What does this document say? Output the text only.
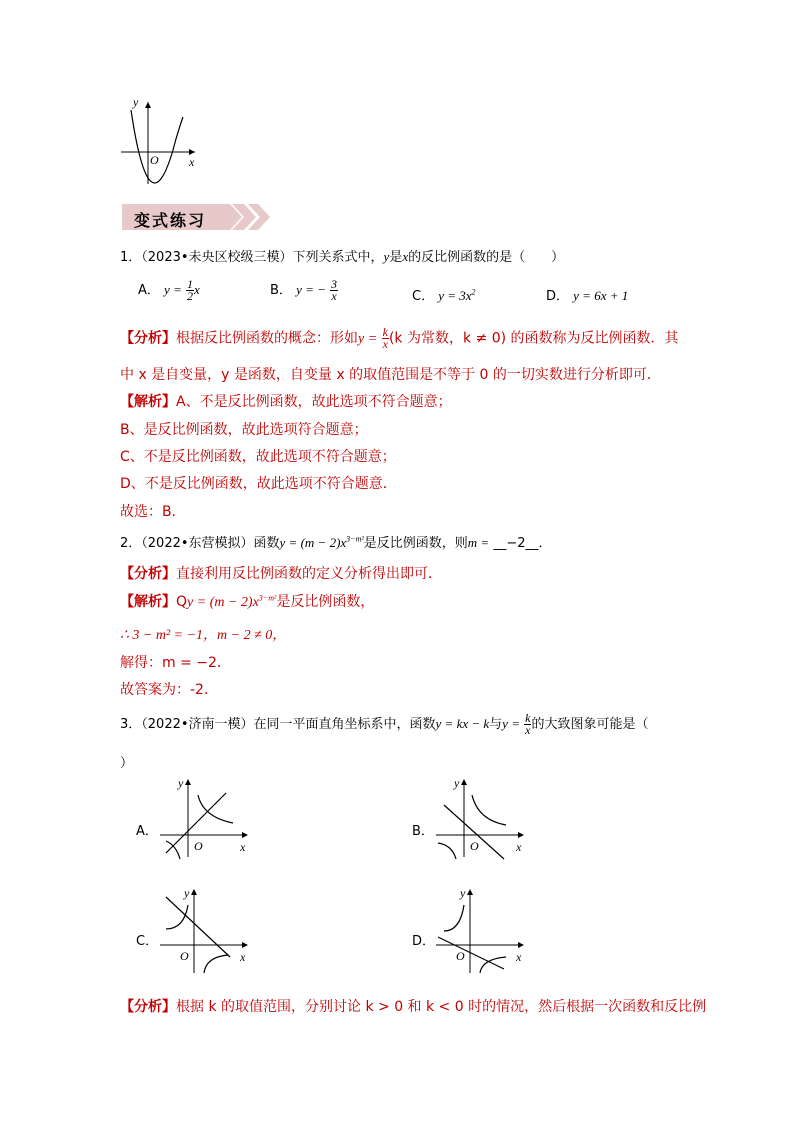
y
x
O
变式练习
1．（2023•未央区校级三模）下列关系式中，y是x的反比例函数的是（　　）
A． $y = \frac{1}{2}$ x	B． y = − $\frac{3}{x}$	C． $y = 3x^2$	D． y = 6x + 1
【分析】根据反比例函数的概念：形如$y = \frac{k}{x} (k$ 为常数，k ≠ 0) 的函数称为反比例函数．其
中 x 是自变量，y 是函数，自变量 x 的取值范围是不等于 0 的一切实数进行分析即可．
【解析】A、不是反比例函数，故此选项不符合题意；
B、是反比例函数，故此选项符合题意；
C、不是反比例函数，故此选项不符合题意；
D、不是反比例函数，故此选项不符合题意．
故选：B．
2．（2022•东营模拟）函数$y = (m - 2)x^{3-m^2}$是反比例函数，则m = __−2__．
【分析】直接利用反比例函数的定义分析得出即可．
【解析】$Qy = (m - 2)x^{3-m^2}$是反比例函数，
∴ 3 − m² = −1，m − 2 ≠ 0，
解得：m = −2．
故答案为：-2．
3．（2022•济南一模）在同一平面直角坐标系中，函数y = kx − k与$y = \frac{k}{x}$ 的大致图象可能是（
）
A．
y
x
O
B．
y
x
O
C．
y
x
O
D．
y
x
O
【分析】根据 k 的取值范围，分别讨论 k > 0 和 k < 0 时的情况，然后根据一次函数和反比例
